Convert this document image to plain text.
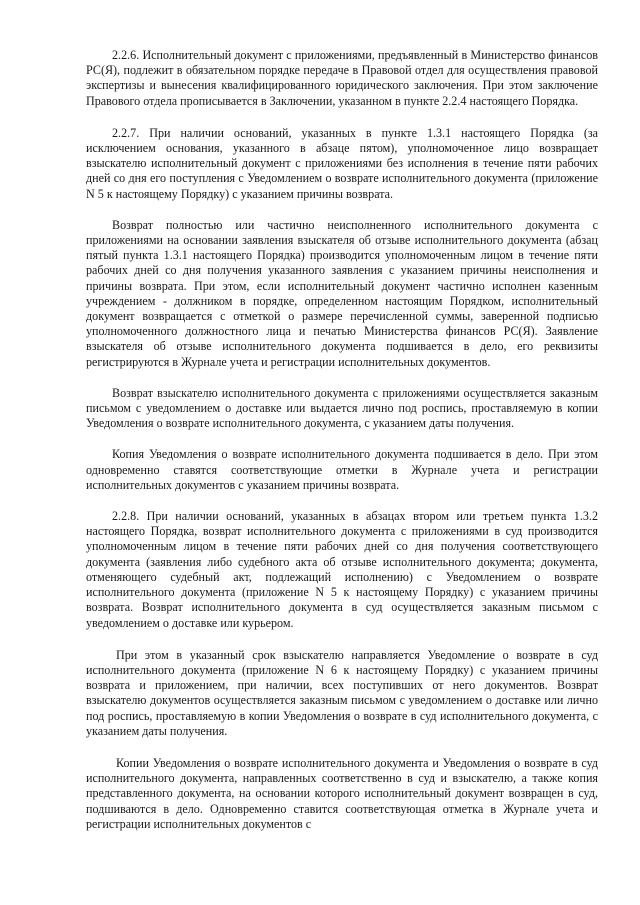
2.2.6. Исполнительный документ с приложениями, предъявленный в Министерство финансов РС(Я), подлежит в обязательном порядке передаче в Правовой отдел для осуществления правовой экспертизы и вынесения квалифицированного юридического заключения. При этом заключение Правового отдела прописывается в Заключении, указанном в пункте 2.2.4 настоящего Порядка.

2.2.7. При наличии оснований, указанных в пункте 1.3.1 настоящего Порядка (за исключением основания, указанного в абзаце пятом), уполномоченное лицо возвращает взыскателю исполнительный документ с приложениями без исполнения в течение пяти рабочих дней со дня его поступления с Уведомлением о возврате исполнительного документа (приложение N 5 к настоящему Порядку) с указанием причины возврата.

Возврат полностью или частично неисполненного исполнительного документа с приложениями на основании заявления взыскателя об отзыве исполнительного документа (абзац пятый пункта 1.3.1 настоящего Порядка) производится уполномоченным лицом в течение пяти рабочих дней со дня получения указанного заявления с указанием причины неисполнения и причины возврата. При этом, если исполнительный документ частично исполнен казенным учреждением - должником в порядке, определенном настоящим Порядком, исполнительный документ возвращается с отметкой о размере перечисленной суммы, заверенной подписью уполномоченного должностного лица и печатью Министерства финансов РС(Я). Заявление взыскателя об отзыве исполнительного документа подшивается в дело, его реквизиты регистрируются в Журнале учета и регистрации исполнительных документов.

Возврат взыскателю исполнительного документа с приложениями осуществляется заказным письмом с уведомлением о доставке или выдается лично под роспись, проставляемую в копии Уведомления о возврате исполнительного документа, с указанием даты получения.

Копия Уведомления о возврате исполнительного документа подшивается в дело. При этом одновременно ставятся соответствующие отметки в Журнале учета и регистрации исполнительных документов с указанием причины возврата.

2.2.8. При наличии оснований, указанных в абзацах втором или третьем пункта 1.3.2 настоящего Порядка, возврат исполнительного документа с приложениями в суд производится уполномоченным лицом в течение пяти рабочих дней со дня получения соответствующего документа (заявления либо судебного акта об отзыве исполнительного документа; документа, отменяющего судебный акт, подлежащий исполнению) с Уведомлением о возврате исполнительного документа (приложение N 5 к настоящему Порядку) с указанием причины возврата. Возврат исполнительного документа в суд осуществляется заказным письмом с уведомлением о доставке или курьером.

При этом в указанный срок взыскателю направляется Уведомление о возврате в суд исполнительного документа (приложение N 6 к настоящему Порядку) с указанием причины возврата и приложением, при наличии, всех поступивших от него документов. Возврат взыскателю документов осуществляется заказным письмом с уведомлением о доставке или лично под роспись, проставляемую в копии Уведомления о возврате в суд исполнительного документа, с указанием даты получения.

Копии Уведомления о возврате исполнительного документа и Уведомления о возврате в суд исполнительного документа, направленных соответственно в суд и взыскателю, а также копия представленного документа, на основании которого исполнительный документ возвращен в суд, подшиваются в дело. Одновременно ставится соответствующая отметка в Журнале учета и регистрации исполнительных документов с
